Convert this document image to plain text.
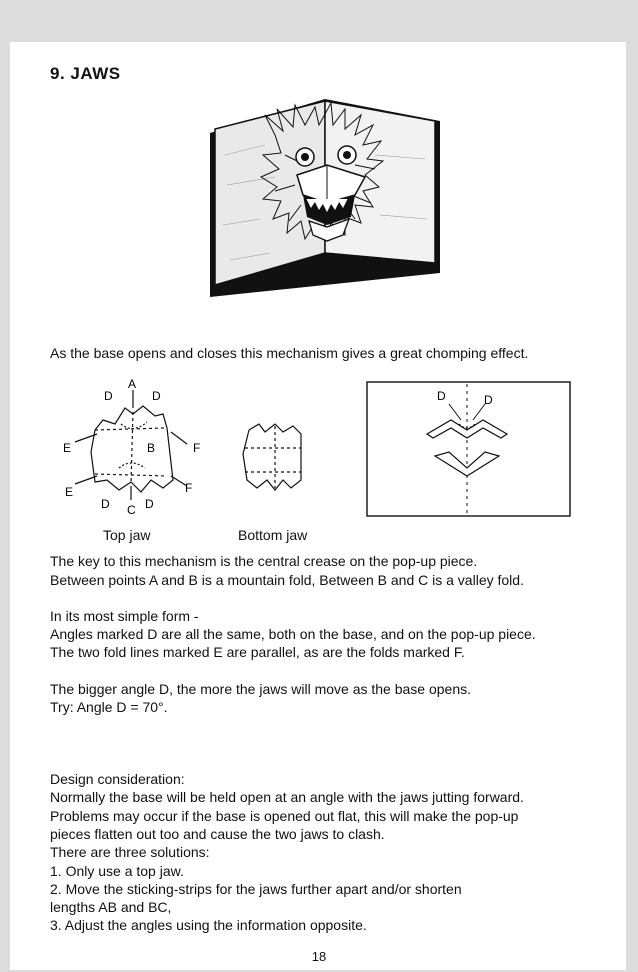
9. JAWS
As the base opens and closes this mechanism gives a great chomping effect.
D
A
D
E
E
B	F
F
D C D
D	D
Top jaw	Bottom jaw
The key to this mechanism is the central crease on the pop-up piece.
Between points A and B is a mountain fold, Between B and C is a valley fold.
In its most simple form -
Angles marked D are all the same, both on the base, and on the pop-up piece.
The two fold lines marked E are parallel, as are the folds marked F.
The bigger angle D, the more the jaws will move as the base opens.
Try: Angle D = 70°.
Design consideration:
Normally the base will be held open at an angle with the jaws jutting forward.
Problems may occur if the base is opened out flat, this will make the pop-up
pieces flatten out too and cause the two jaws to clash.
There are three solutions:
1. Only use a top jaw.
2. Move the sticking-strips for the jaws further apart and/or shorten
lengths AB and BC,
3. Adjust the angles using the information opposite.
18
